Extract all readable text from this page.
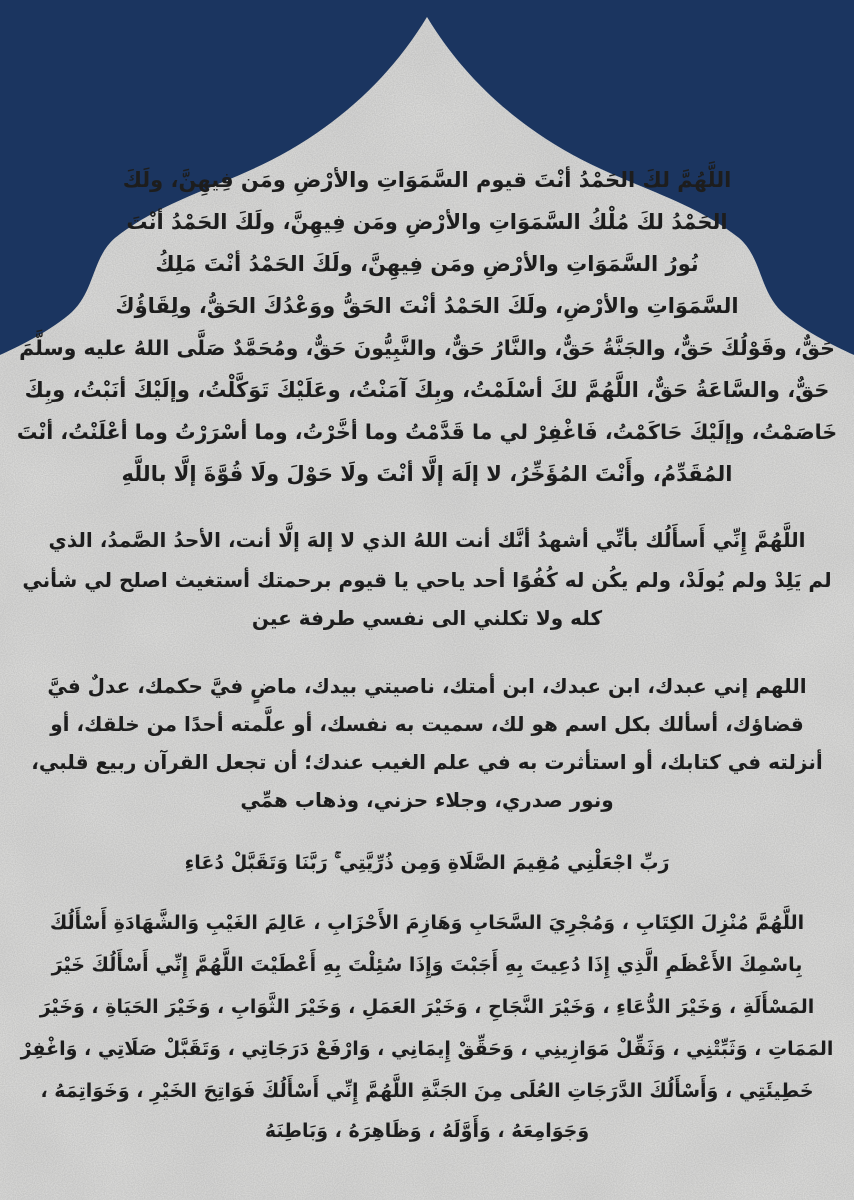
اللَّهُمَّ لكَ الحَمْدُ أنْتَ قيوم السَّمَوَاتِ والأرْضِ ومَن فِيهِنَّ، ولَكَ
الحَمْدُ لكَ مُلْكُ السَّمَوَاتِ والأرْضِ ومَن فِيهِنَّ، ولَكَ الحَمْدُ أنْتَ
نُورُ السَّمَوَاتِ والأرْضِ ومَن فِيهِنَّ، ولَكَ الحَمْدُ أنْتَ مَلِكُ
السَّمَوَاتِ والأرْضِ، ولَكَ الحَمْدُ أنْتَ الحَقُّ ووَعْدُكَ الحَقُّ، ولِقَاؤُكَ
حَقٌّ، وقَوْلُكَ حَقٌّ، والجَنَّةُ حَقٌّ، والنَّارُ حَقٌّ، والنَّبِيُّونَ حَقٌّ، ومُحَمَّدٌ صَلَّى اللهُ عليه وسلَّمَ
حَقٌّ، والسَّاعَةُ حَقٌّ، اللَّهُمَّ لكَ أسْلَمْتُ، وبِكَ آمَنْتُ، وعَلَيْكَ تَوَكَّلْتُ، وإلَيْكَ أنَبْتُ، وبِكَ
خَاصَمْتُ، وإلَيْكَ حَاكَمْتُ، فَاغْفِرْ لي ما قَدَّمْتُ وما أخَّرْتُ، وما أسْرَرْتُ وما أعْلَنْتُ، أنْتَ
المُقَدِّمُ، وأَنْتَ المُؤَخِّرُ، لا إلَهَ إلَّا أنْتَ ولَا حَوْلَ ولَا قُوَّةَ إلَّا باللَّهِ
اللَّهُمَّ إِنِّي أَسأَلُك بأنِّي أشهدُ أنَّك أنت اللهُ الذي لا إلهَ إلَّا أنت، الأحدُ الصَّمدُ، الذي
لم يَلِدْ ولم يُولَدْ، ولم يكُن له كُفُوًا أحد ياحي يا قيوم برحمتك أستغيث اصلح لي شأني
كله ولا تكلني الى نفسي طرفة عين
اللهم إني عبدك، ابن عبدك، ابن أمتك، ناصيتي بيدك، ماضٍ فيَّ حكمك، عدلٌ فيَّ
قضاؤك، أسألك بكل اسم هو لك، سميت به نفسك، أو علَّمته أحدًا من خلقك، أو
أنزلته في كتابك، أو استأثرت به في علم الغيب عندك؛ أن تجعل القرآن ربيع قلبي،
ونور صدري، وجلاء حزني، وذهاب همِّي
رَبِّ اجْعَلْنِي مُقِيمَ الصَّلَاةِ وَمِن ذُرِّيَّتِي ۚ رَبَّنَا وَتَقَبَّلْ دُعَاءِ
اللَّهُمَّ مُنْزِلَ الكِتَابِ ، وَمُجْرِيَ السَّحَابِ وَهَازِمَ الأَحْزَابِ ، عَالِمَ الغَيْبِ وَالشَّهَادَةِ أَسْأَلُكَ
بِاسْمِكَ الأَعْظَمِ الَّذِي إِذَا دُعِيتَ بِهِ أَجَبْتَ وَإِذَا سُئِلْتَ بِهِ أَعْطَيْتَ اللَّهُمَّ إِنِّي أَسْأَلُكَ خَيْرَ
المَسْأَلَةِ ، وَخَيْرَ الدُّعَاءِ ، وَخَيْرَ النَّجَاحِ ، وَخَيْرَ العَمَلِ ، وَخَيْرَ الثَّوَابِ ، وَخَيْرَ الحَيَاةِ ، وَخَيْرَ
المَمَاتِ ، وَثَبِّتْنِي ، وَثَقِّلْ مَوَازِينِي ، وَحَقِّقْ إِيمَانِي ، وَارْفَعْ دَرَجَاتِي ، وَتَقَبَّلْ صَلَاتِي ، وَاغْفِرْ
خَطِيئَتِي ، وَأَسْأَلُكَ الدَّرَجَاتِ العُلَى مِنَ الجَنَّةِ اللَّهُمَّ إِنِّي أَسْأَلُكَ فَوَاتِحَ الخَيْرِ ، وَخَوَاتِمَهُ ،
وَجَوَامِعَهُ ، وَأَوَّلَهُ ، وَظَاهِرَهُ ، وَبَاطِنَهُ
